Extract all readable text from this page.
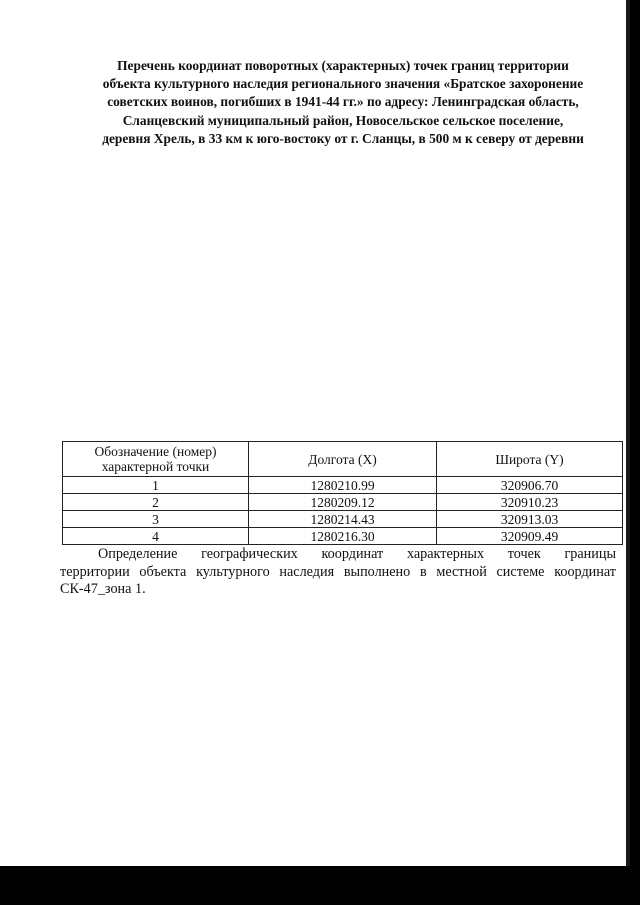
Перечень координат поворотных (характерных) точек границ территории
объекта культурного наследия регионального значения «Братское захоронение
советских воинов, погибших в 1941-44 гг.» по адресу: Ленинградская область,
Сланцевский муниципальный район, Новосельское сельское поселение,
деревня Хрель, в 33 км к юго-востоку от г. Сланцы, в 500 м к северу от деревни
Обозначение (номер)
характерной точки	Долгота (X)	Широта (Y)
1	1280210.99	320906.70
2	1280209.12	320910.23
3	1280214.43	320913.03
4	1280216.30	320909.49
Определение географических координат характерных точек границы
территории объекта культурного наследия выполнено в местной системе координат
СК-47_зона 1.
